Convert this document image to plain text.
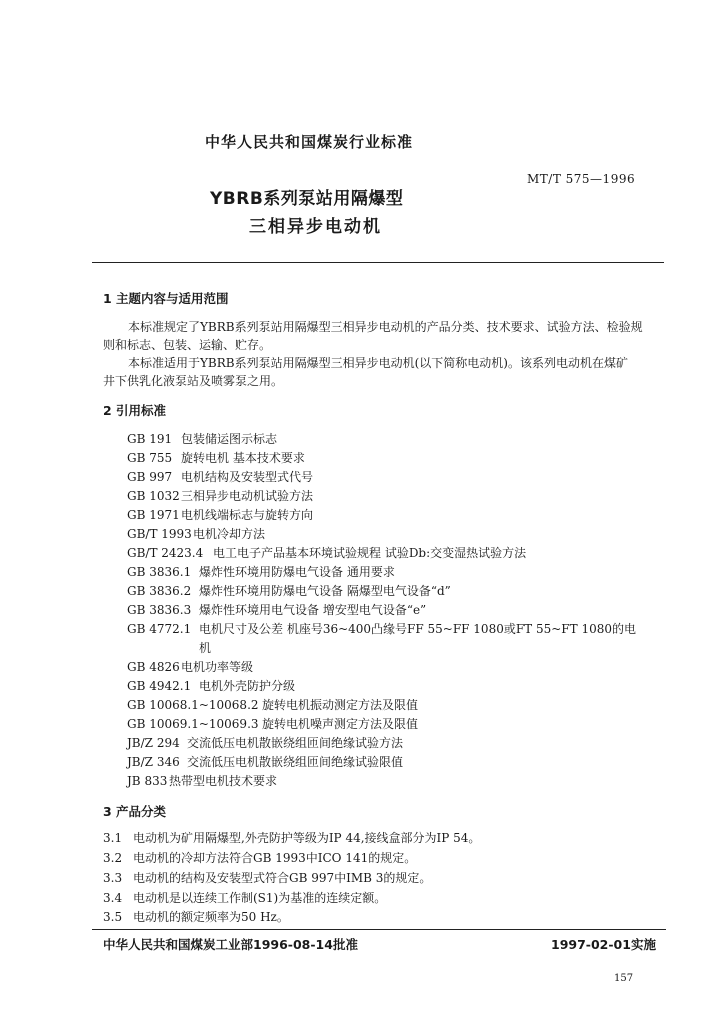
中华人民共和国煤炭行业标准
MT/T 575—1996
YBRB系列泵站用隔爆型
三相异步电动机
1 主题内容与适用范围
本标准规定了YBRB系列泵站用隔爆型三相异步电动机的产品分类、技术要求、试验方法、检验规
则和标志、包装、运输、贮存。
本标准适用于YBRB系列泵站用隔爆型三相异步电动机(以下简称电动机)。该系列电动机在煤矿
井下供乳化液泵站及喷雾泵之用。
2 引用标准
GB 191 包装储运图示标志
GB 755 旋转电机 基本技术要求
GB 997 电机结构及安装型式代号
GB 1032三相异步电动机试验方法
GB 1971电机线端标志与旋转方向
GB/T 1993电机冷却方法
GB/T 2423.4 电工电子产品基本环境试验规程 试验Db:交变湿热试验方法
GB 3836.1 爆炸性环境用防爆电气设备 通用要求
GB 3836.2 爆炸性环境用防爆电气设备 隔爆型电气设备“d”
GB 3836.3 爆炸性环境用电气设备 增安型电气设备“e”
GB 4772.1 电机尺寸及公差 机座号36~400凸缘号FF 55~FF 1080或FT 55~FT 1080的电
机
GB 4826电机功率等级
GB 4942.1 电机外壳防护分级
GB 10068.1~10068.2 旋转电机振动测定方法及限值
GB 10069.1~10069.3 旋转电机噪声测定方法及限值
JB/Z 294 交流低压电机散嵌绕组匝间绝缘试验方法
JB/Z 346 交流低压电机散嵌绕组匝间绝缘试验限值
JB 833 热带型电机技术要求
3 产品分类
3.1 电动机为矿用隔爆型,外壳防护等级为IP 44,接线盒部分为IP 54。
3.2 电动机的冷却方法符合GB 1993中ICO 141的规定。
3.3 电动机的结构及安装型式符合GB 997中IMB 3的规定。
3.4 电动机是以连续工作制(S1)为基准的连续定额。
3.5 电动机的额定频率为50 Hz。
中华人民共和国煤炭工业部1996-08-14批准	1997-02-01实施
157
